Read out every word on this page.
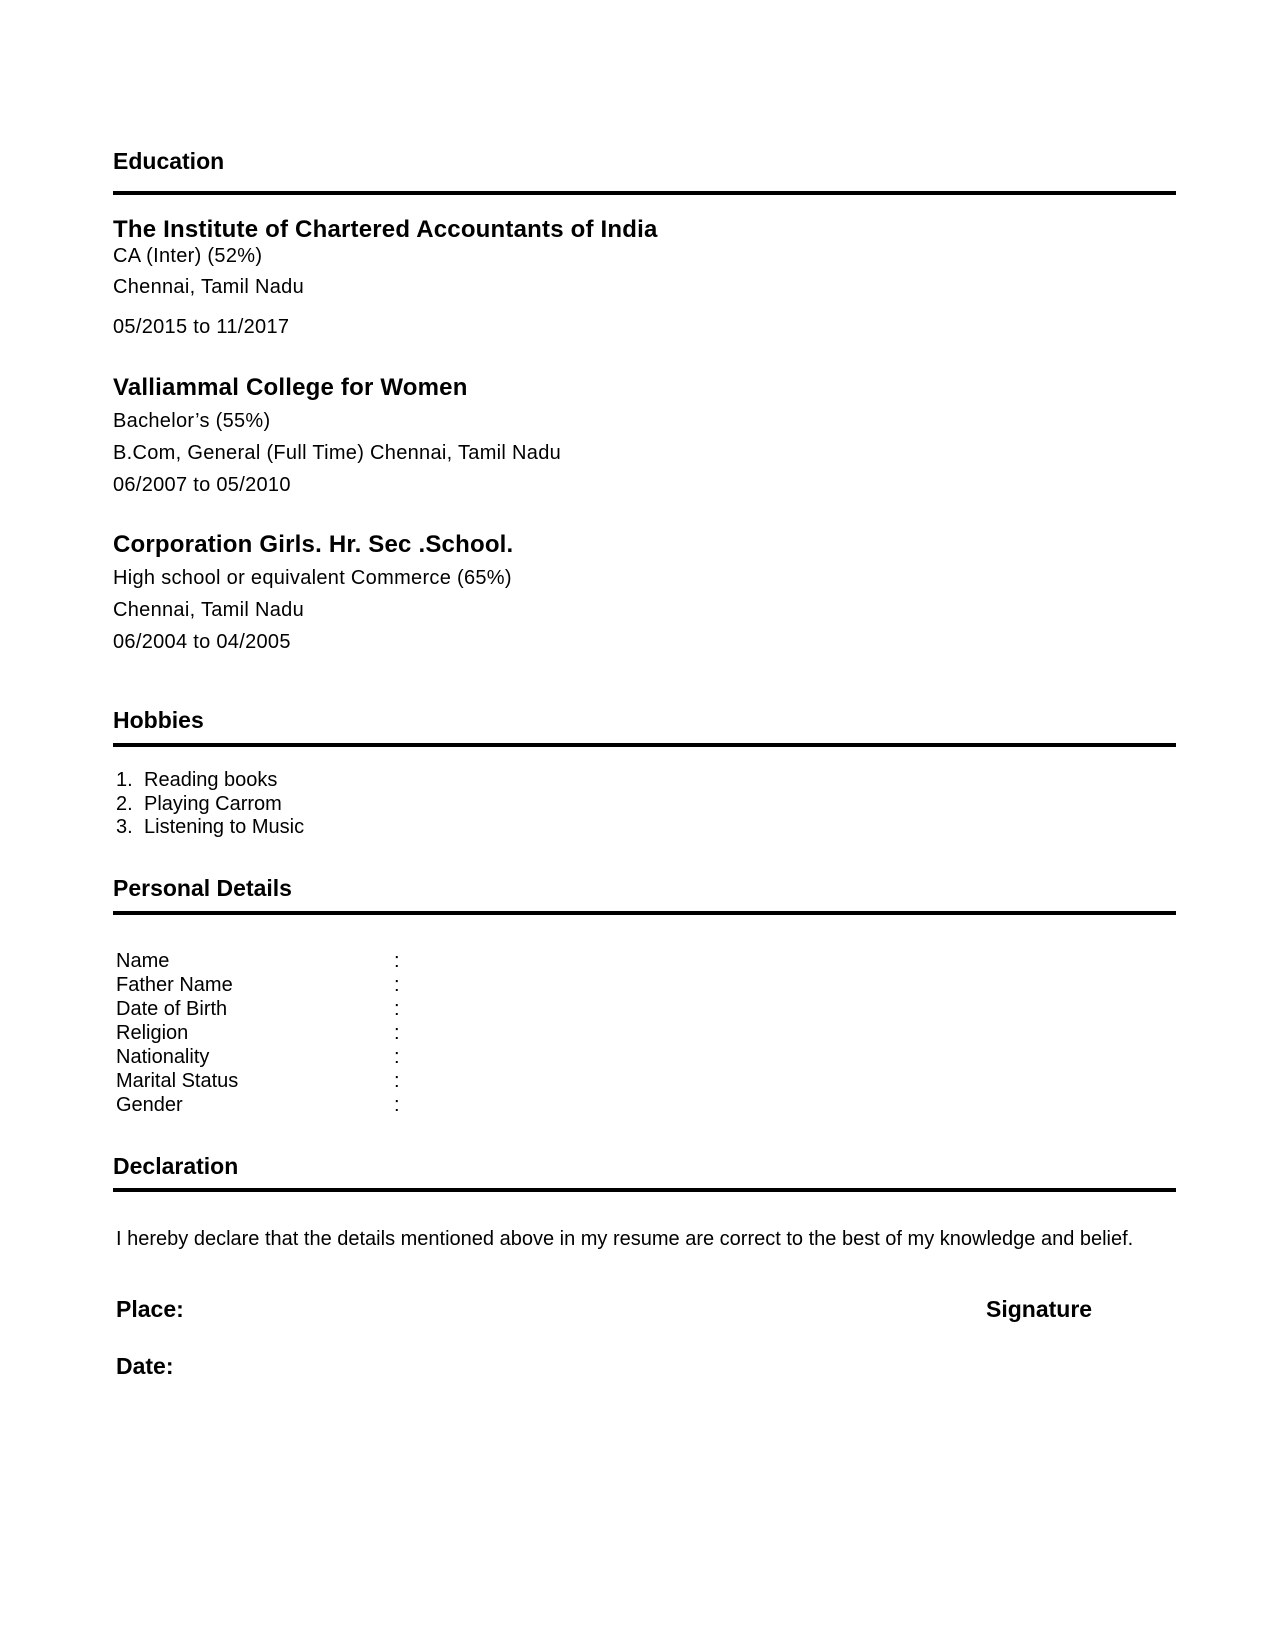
Education
The Institute of Chartered Accountants of India
CA (Inter) (52%)
Chennai, Tamil Nadu
05/2015 to 11/2017
Valliammal College for Women
Bachelor’s (55%)
B.Com, General (Full Time) Chennai, Tamil Nadu
06/2007 to 05/2010
Corporation Girls. Hr. Sec .School.
High school or equivalent Commerce (65%)
Chennai, Tamil Nadu
06/2004 to 04/2005
Hobbies
1. Reading books
2. Playing Carrom
3. Listening to Music
Personal Details
Name	:
Father Name	:
Date of Birth	:
Religion	:
Nationality	:
Marital Status	:
Gender	:
Declaration
I hereby declare that the details mentioned above in my resume are correct to the best of my knowledge and belief.
Place:	Signature
Date:
